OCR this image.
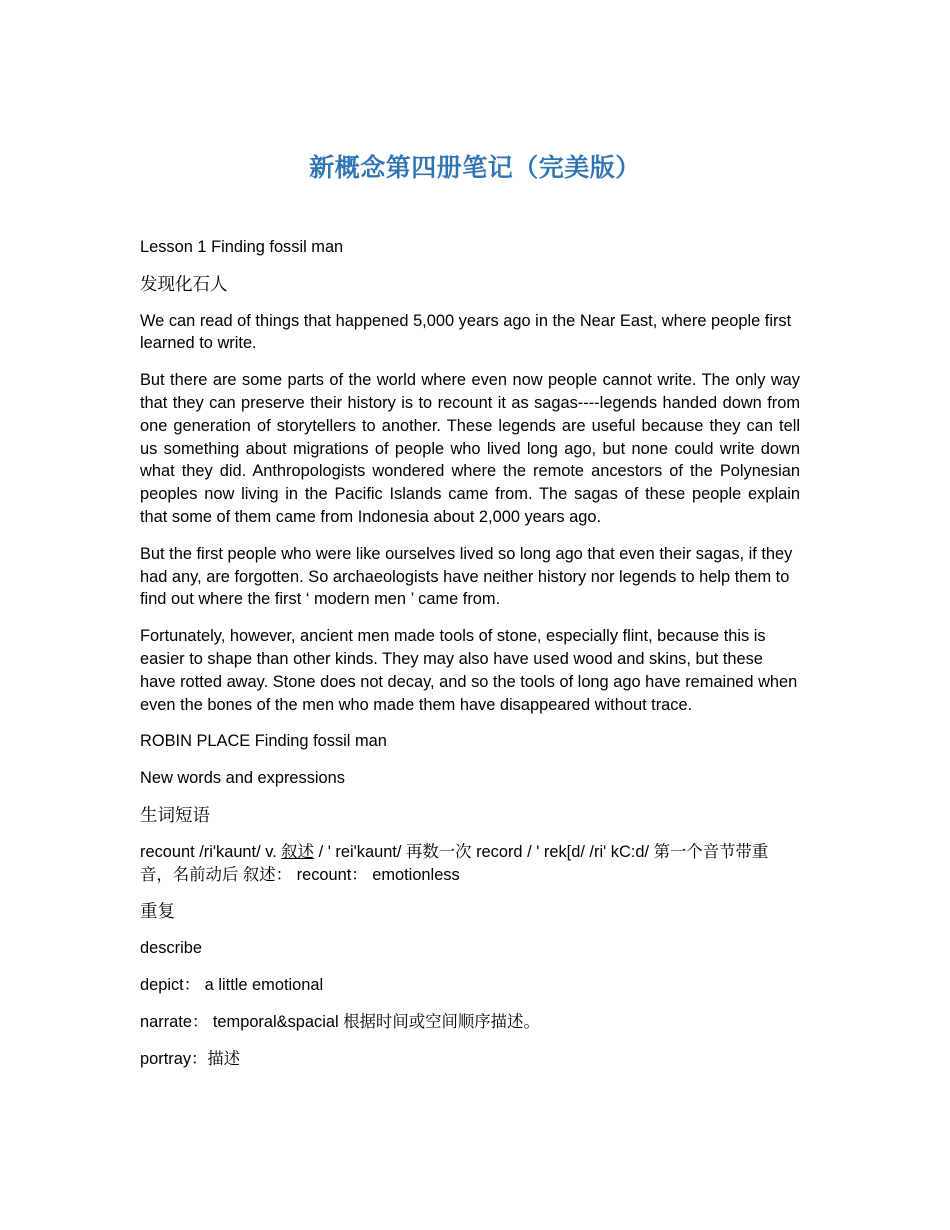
新概念第四册笔记（完美版）

Lesson 1 Finding fossil man

发现化石人

We can read of things that happened 5,000 years ago in the Near East, where people first learned to write.

But there are some parts of the world where even now people cannot write. The only way that they can preserve their history is to recount it as sagas----legends handed down from one generation of storytellers to another. These legends are useful because they can tell us something about migrations of people who lived long ago, but none could write down what they did. Anthropologists wondered where the remote ancestors of the Polynesian peoples now living in the Pacific Islands came from. The sagas of these people explain that some of them came from Indonesia about 2,000 years ago.

But the first people who were like ourselves lived so long ago that even their sagas, if they had any, are forgotten. So archaeologists have neither history nor legends to help them to find out where the first ‘ modern men ’ came from.

Fortunately, however, ancient men made tools of stone, especially flint, because this is easier to shape than other kinds. They may also have used wood and skins, but these have rotted away. Stone does not decay, and so the tools of long ago have remained when even the bones of the men who made them have disappeared without trace.

ROBIN PLACE Finding fossil man

New words and expressions

生词短语

recount /ri'kaunt/ v. 叙述 / ' rei'kaunt/ 再数一次 record / ' rek[d/ /ri' kC:d/ 第一个音节带重音，名前动后 叙述： recount： emotionless

重复

describe

depict： a little emotional

narrate： temporal&spacial 根据时间或空间顺序描述。

portray：描述
